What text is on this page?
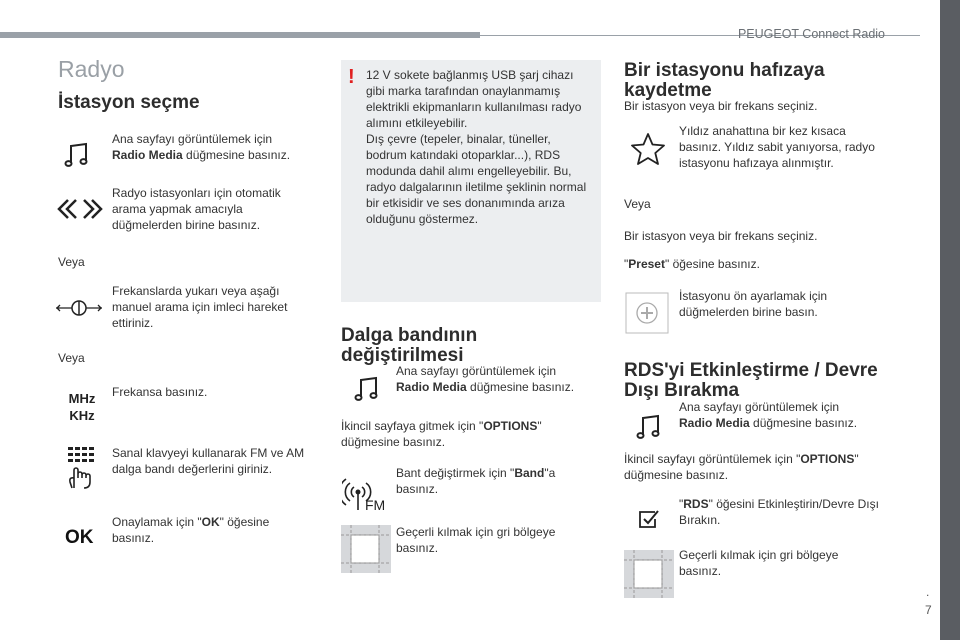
PEUGEOT Connect Radio
.
7
Radyo
İstasyon seçme
Ana sayfayı görüntülemek için
Radio Media düğmesine basınız.
Radyo istasyonları için otomatik arama yapmak amacıyla düğmelerden birine basınız.
Veya
Frekanslarda yukarı veya aşağı manuel arama için imleci hareket ettiriniz.
Veya
MHz
KHz
Frekansa basınız.
Sanal klavyeyi kullanarak FM ve AM dalga bandı değerlerini giriniz.
OK
Onaylamak için "OK" öğesine basınız.
! 12 V sokete bağlanmış USB şarj cihazı gibi marka tarafından onaylanmamış elektrikli ekipmanların kullanılması radyo alımını etkileyebilir.
Dış çevre (tepeler, binalar, tüneller, bodrum katındaki otoparklar...), RDS modunda dahil alımı engelleyebilir. Bu, radyo dalgalarının iletilme şeklinin normal bir etkisidir ve ses donanımında arıza olduğunu göstermez.
Dalga bandının değiştirilmesi
Ana sayfayı görüntülemek için
Radio Media düğmesine basınız.
İkincil sayfaya gitmek için "OPTIONS" düğmesine basınız.
FM
Bant değiştirmek için "Band"a basınız.
Geçerli kılmak için gri bölgeye basınız.
Bir istasyonu hafızaya kaydetme
Bir istasyon veya bir frekans seçiniz.
Yıldız anahattına bir kez kısaca basınız. Yıldız sabit yanıyorsa, radyo istasyonu hafızaya alınmıştır.
Veya
Bir istasyon veya bir frekans seçiniz.
"Preset" öğesine basınız.
İstasyonu ön ayarlamak için düğmelerden birine basın.
RDS'yi Etkinleştirme / Devre Dışı Bırakma
Ana sayfayı görüntülemek için
Radio Media düğmesine basınız.
İkincil sayfayı görüntülemek için "OPTIONS" düğmesine basınız.
"RDS" öğesini Etkinleştirin/Devre Dışı Bırakın.
Geçerli kılmak için gri bölgeye basınız.
